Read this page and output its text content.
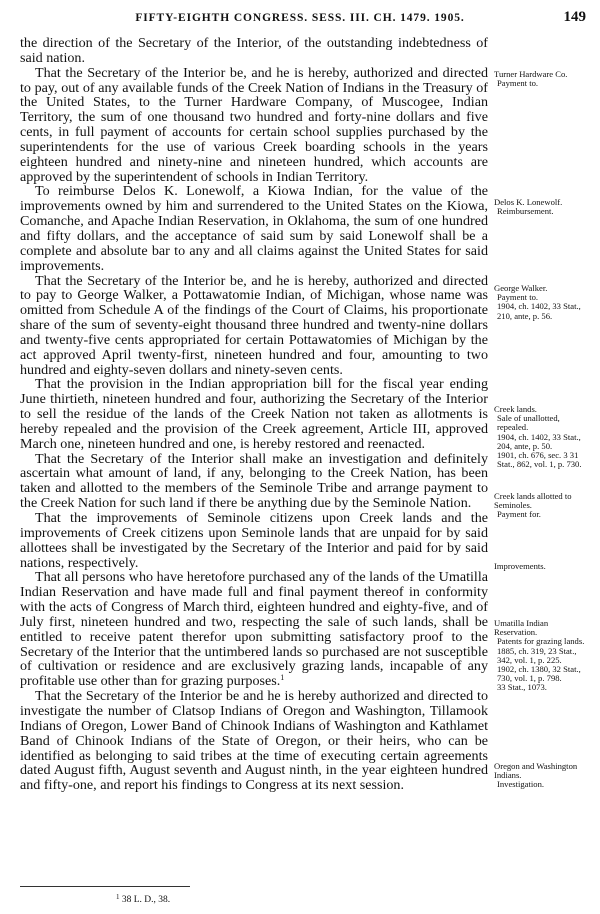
FIFTY-EIGHTH CONGRESS. SESS. III. CH. 1479. 1905.	149

the direction of the Secretary of the Interior, of the outstanding indebtedness of said nation.

That the Secretary of the Interior be, and he is hereby, authorized and directed to pay, out of any available funds of the Creek Nation of Indians in the Treasury of the United States, to the Turner Hardware Company, of Muscogee, Indian Territory, the sum of one thousand two hundred and forty-nine dollars and five cents, in full payment of accounts for certain school supplies purchased by the superintendents for the use of various Creek boarding schools in the years eighteen hundred and ninety-nine and nineteen hundred, which accounts are approved by the superintendent of schools in Indian Territory.

To reimburse Delos K. Lonewolf, a Kiowa Indian, for the value of the improvements owned by him and surrendered to the United States on the Kiowa, Comanche, and Apache Indian Reservation, in Oklahoma, the sum of one hundred and fifty dollars, and the acceptance of said sum by said Lonewolf shall be a complete and absolute bar to any and all claims against the United States for said improvements.

That the Secretary of the Interior be, and he is hereby, authorized and directed to pay to George Walker, a Pottawatomie Indian, of Michigan, whose name was omitted from Schedule A of the findings of the Court of Claims, his proportionate share of the sum of seventy-eight thousand three hundred and twenty-nine dollars and twenty-five cents appropriated for certain Pottawatomies of Michigan by the act approved April twenty-first, nineteen hundred and four, amounting to two hundred and eighty-seven dollars and ninety-seven cents.

That the provision in the Indian appropriation bill for the fiscal year ending June thirtieth, nineteen hundred and four, authorizing the Secretary of the Interior to sell the residue of the lands of the Creek Nation not taken as allotments is hereby repealed and the provision of the Creek agreement, Article III, approved March one, nineteen hundred and one, is hereby restored and reenacted.

That the Secretary of the Interior shall make an investigation and definitely ascertain what amount of land, if any, belonging to the Creek Nation, has been taken and allotted to the members of the Seminole Tribe and arrange payment to the Creek Nation for such land if there be anything due by the Seminole Nation.

That the improvements of Seminole citizens upon Creek lands and the improvements of Creek citizens upon Seminole lands that are unpaid for by said allottees shall be investigated by the Secretary of the Interior and paid for by said nations, respectively.

That all persons who have heretofore purchased any of the lands of the Umatilla Indian Reservation and have made full and final payment thereof in conformity with the acts of Congress of March third, eighteen hundred and eighty-five, and of July first, nineteen hundred and two, respecting the sale of such lands, shall be entitled to receive patent therefor upon submitting satisfactory proof to the Secretary of the Interior that the untimbered lands so purchased are not susceptible of cultivation or residence and are exclusively grazing lands, incapable of any profitable use other than for grazing purposes.$^1$

That the Secretary of the Interior be and he is hereby authorized and directed to investigate the number of Clatsop Indians of Oregon and Washington, Tillamook Indians of Oregon, Lower Band of Chinook Indians of Washington and Kathlamet Band of Chinook Indians of the State of Oregon, or their heirs, who can be identified as belonging to said tribes at the time of executing certain agreements dated August fifth, August seventh and August ninth, in the year eighteen hundred and fifty-one, and report his findings to Congress at its next session.

Turner Hardware Co.
Payment to.
Delos K. Lonewolf.
Reimbursement.
George Walker.
Payment to.
1904, ch. 1402, 33 Stat., 210, ante, p. 56.
Creek lands.
Sale of unallotted, repealed.
1904, ch. 1402, 33 Stat., 204, ante, p. 50.
1901, ch. 676, sec. 3 31 Stat., 862, vol. 1, p. 730.
Creek lands allotted to Seminoles.
Payment for.
Improvements.
Umatilla Indian Reservation.
Patents for grazing lands.
1885, ch. 319, 23 Stat., 342, vol. 1, p. 225.
1902, ch. 1380, 32 Stat., 730, vol. 1, p. 798.
33 Stat., 1073.
Oregon and Washington Indians.
Investigation.
$^1$ 38 L. D., 38.
